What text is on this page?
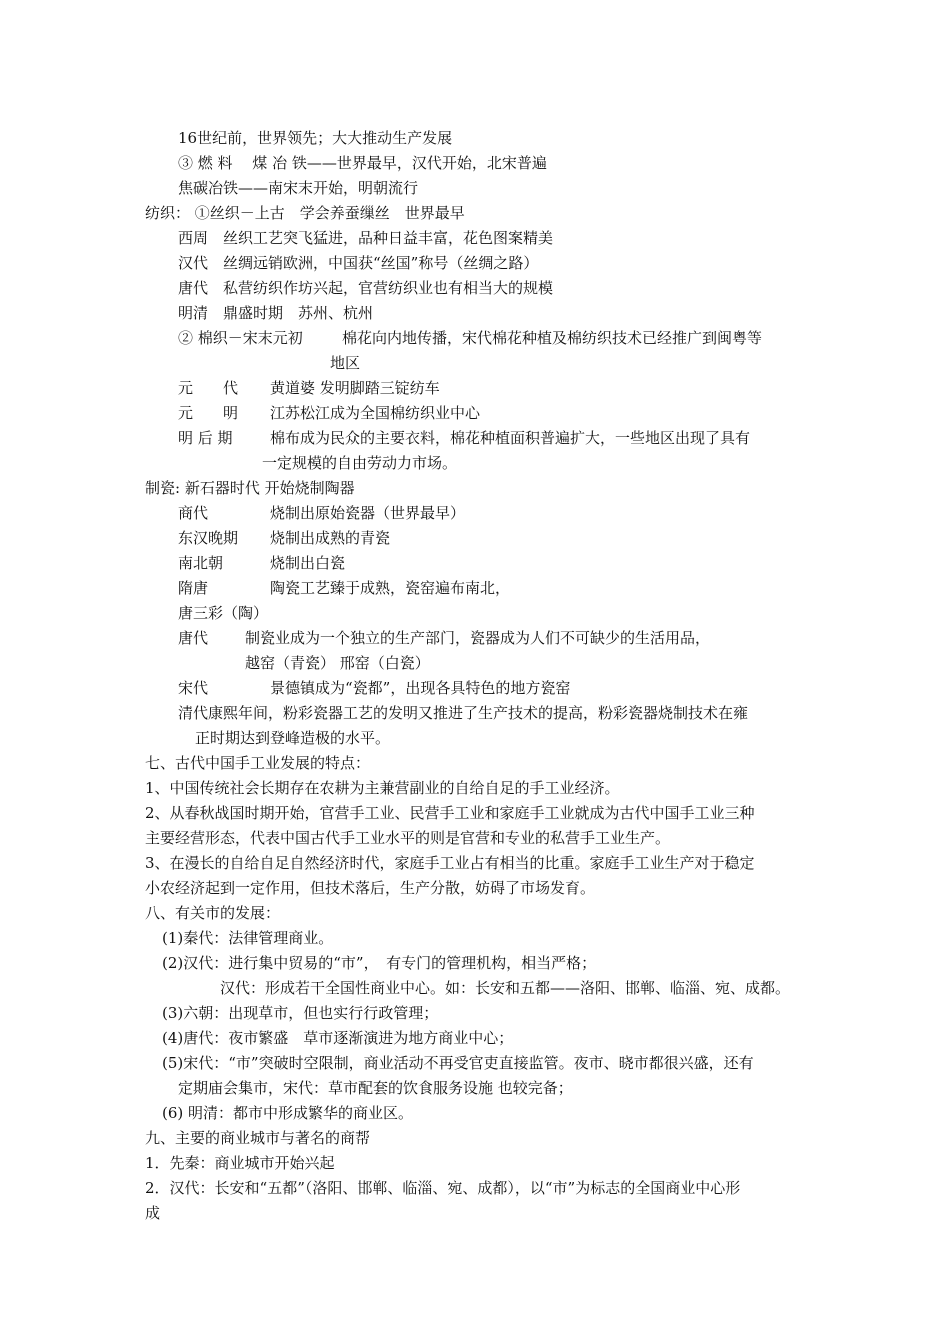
16世纪前，世界领先；大大推动生产发展
③ 燃 料　 煤 冶 铁——世界最早，汉代开始，北宋普遍
焦碳冶铁——南宋末开始，明朝流行
纺织： ①丝织－上古　学会养蚕缫丝　世界最早
西周　丝织工艺突飞猛进，品种日益丰富，花色图案精美
汉代　丝绸远销欧洲，中国获“丝国”称号（丝绸之路）
唐代　私营纺织作坊兴起，官营纺织业也有相当大的规模
明清　鼎盛时期　苏州、杭州
② 棉织－宋末元初	棉花向内地传播，宋代棉花种植及棉纺织技术已经推广到闽粤等
地区
元　　代 黄道婆 发明脚踏三锭纺车
元　　明 江苏松江成为全国棉纺织业中心
明 后 期 棉布成为民众的主要衣料，棉花种植面积普遍扩大，一些地区出现了具有
一定规模的自由劳动力市场。
制瓷: 新石器时代 开始烧制陶器
商代	烧制出原始瓷器（世界最早）
东汉晚期 烧制出成熟的青瓷
南北朝	烧制出白瓷
隋唐	陶瓷工艺臻于成熟，瓷窑遍布南北，
唐三彩（陶）
唐代 制瓷业成为一个独立的生产部门，瓷器成为人们不可缺少的生活用品，
越窑（青瓷） 邢窑（白瓷）
宋代	景德镇成为“瓷都”，出现各具特色的地方瓷窑
清代康熙年间，粉彩瓷器工艺的发明又推进了生产技术的提高，粉彩瓷器烧制技术在雍
正时期达到登峰造极的水平。
七、古代中国手工业发展的特点：
1、中国传统社会长期存在农耕为主兼营副业的自给自足的手工业经济。
2、从春秋战国时期开始，官营手工业、民营手工业和家庭手工业就成为古代中国手工业三种
主要经营形态，代表中国古代手工业水平的则是官营和专业的私营手工业生产。
3、在漫长的自给自足自然经济时代，家庭手工业占有相当的比重。家庭手工业生产对于稳定
小农经济起到一定作用，但技术落后，生产分散，妨碍了市场发育。
八、有关市的发展：
(1)秦代：法律管理商业。
(2)汉代：进行集中贸易的“市”，　有专门的管理机构，相当严格；
汉代：形成若干全国性商业中心。如：长安和五都——洛阳、邯郸、临淄、宛、成都。
(3)六朝：出现草市，但也实行行政管理；
(4)唐代：夜市繁盛　草市逐渐演进为地方商业中心；
(5)宋代：“市”突破时空限制，商业活动不再受官吏直接监管。夜市、晓市都很兴盛，还有
定期庙会集市，宋代：草市配套的饮食服务设施 也较完备；
(6) 明清：都市中形成繁华的商业区。
九、主要的商业城市与著名的商帮
1．先秦：商业城市开始兴起
2．汉代：长安和“五都”（洛阳、邯郸、临淄、宛、成都），以“市”为标志的全国商业中心形
成
